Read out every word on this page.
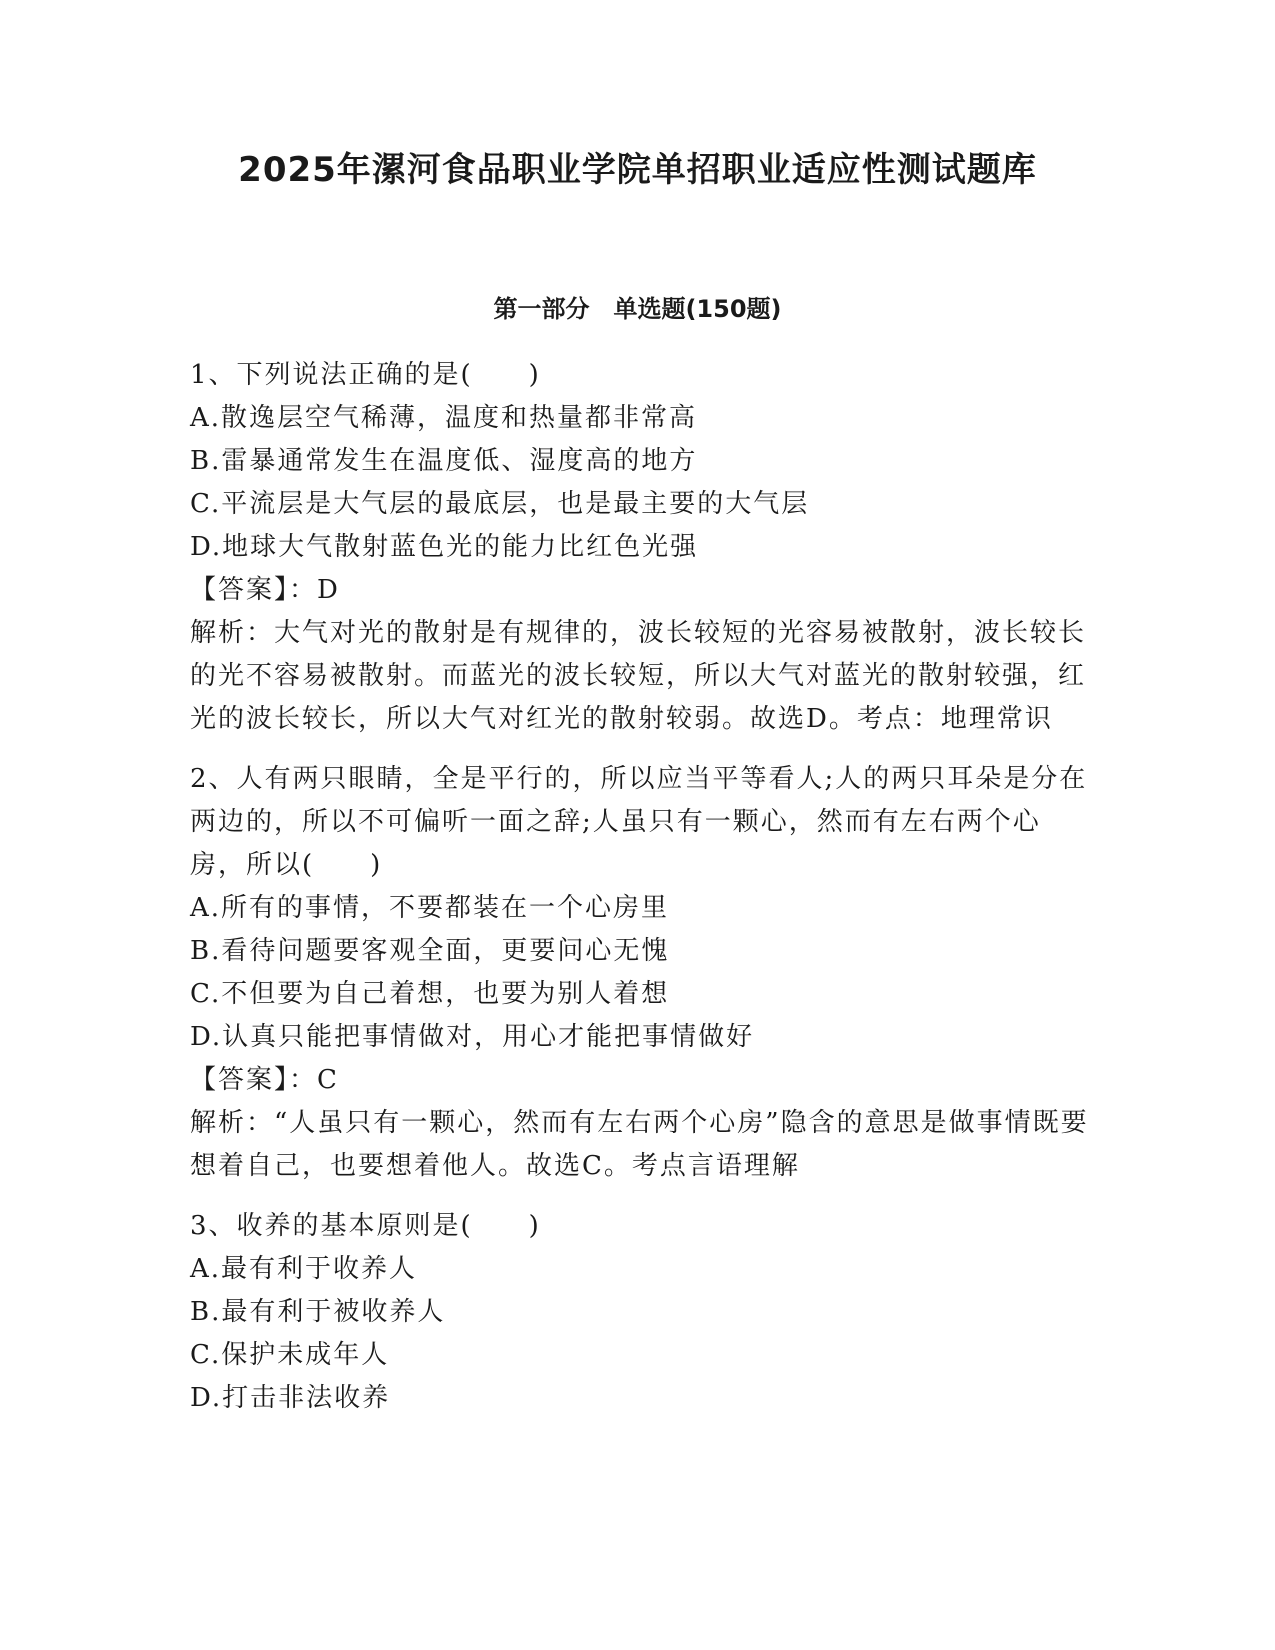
2025年漯河食品职业学院单招职业适应性测试题库
第一部分　单选题(150题)
1、下列说法正确的是(　　)
A.散逸层空气稀薄，温度和热量都非常高
B.雷暴通常发生在温度低、湿度高的地方
C.平流层是大气层的最底层，也是最主要的大气层
D.地球大气散射蓝色光的能力比红色光强
【答案】：D
解析：大气对光的散射是有规律的，波长较短的光容易被散射，波长较长的光不容易被散射。而蓝光的波长较短，所以大气对蓝光的散射较强，红光的波长较长，所以大气对红光的散射较弱。故选D。考点：地理常识
2、人有两只眼睛，全是平行的，所以应当平等看人;人的两只耳朵是分在两边的，所以不可偏听一面之辞;人虽只有一颗心，然而有左右两个心房，所以(　　)
A.所有的事情，不要都装在一个心房里
B.看待问题要客观全面，更要问心无愧
C.不但要为自己着想，也要为别人着想
D.认真只能把事情做对，用心才能把事情做好
【答案】：C
解析：“人虽只有一颗心，然而有左右两个心房”隐含的意思是做事情既要想着自己，也要想着他人。故选C。考点言语理解
3、收养的基本原则是(　　)
A.最有利于收养人
B.最有利于被收养人
C.保护未成年人
D.打击非法收养
